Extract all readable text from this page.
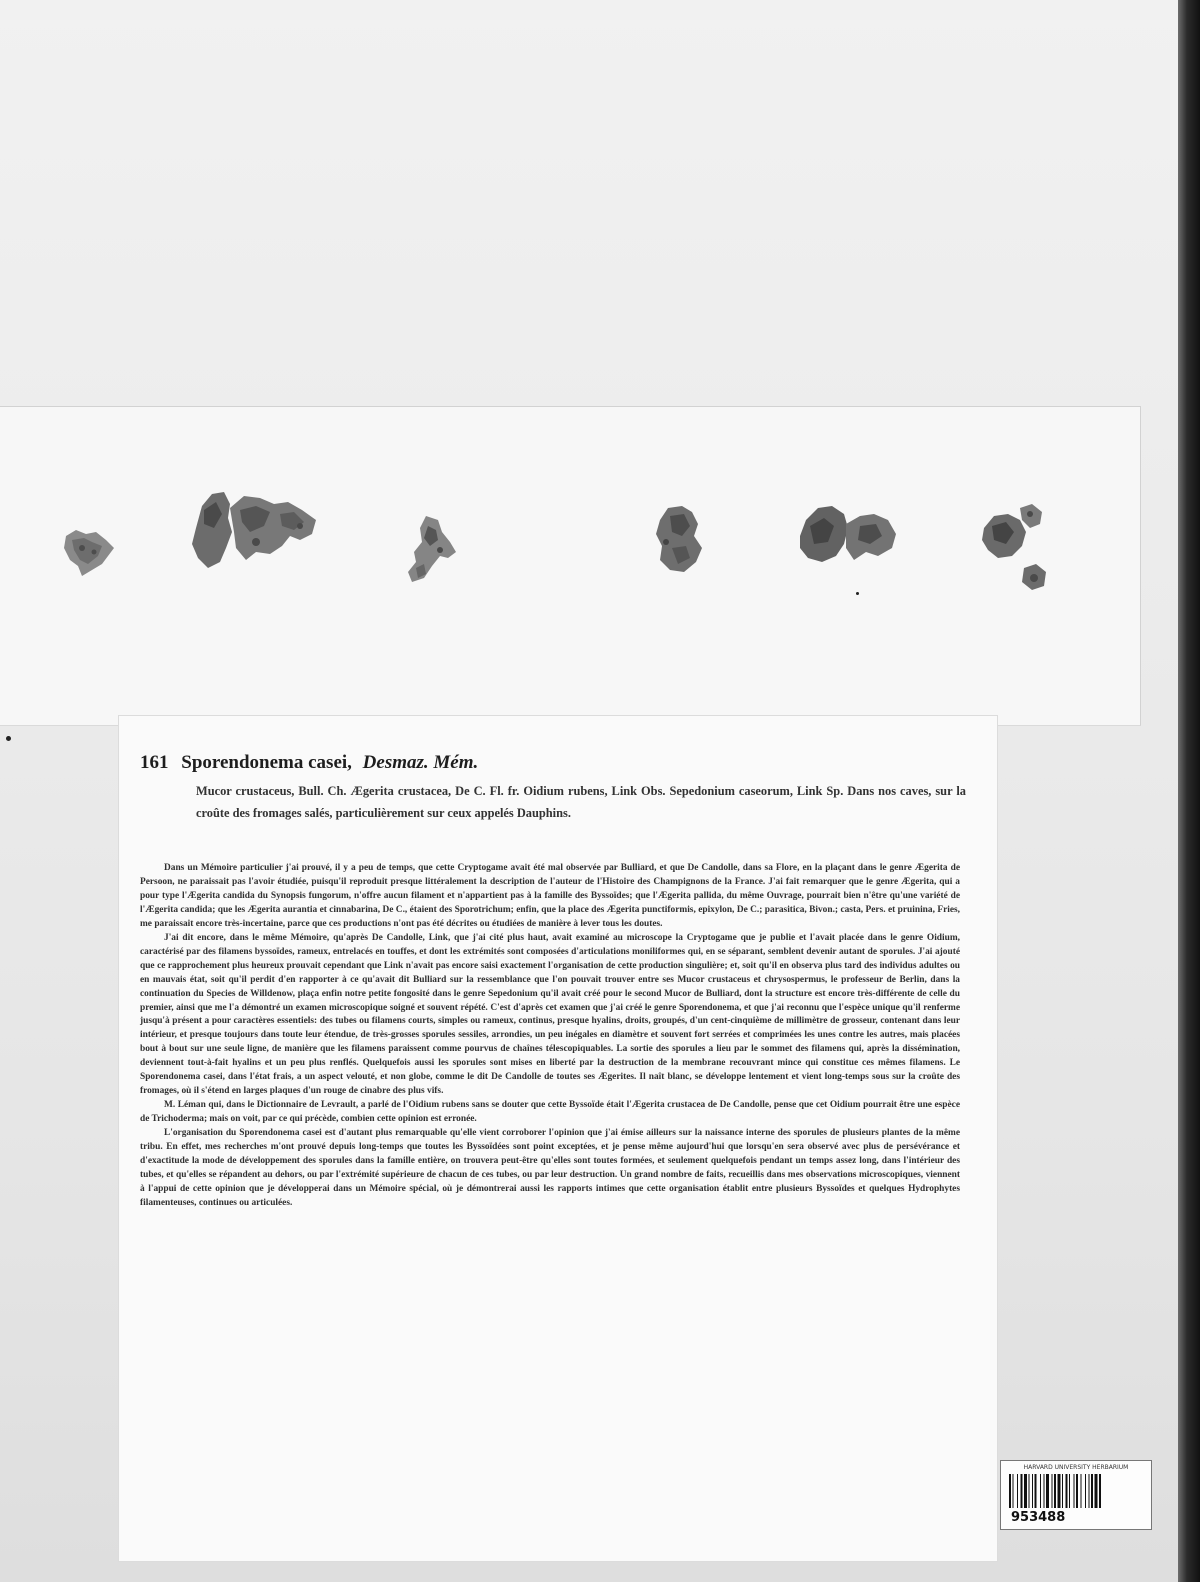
161 Sporendonema casei, Desmaz. Mém.
Mucor crustaceus, Bull. Ch. Ægerita crustacea, De C. Fl. fr. Oidium rubens, Link Obs. Sepedonium caseorum, Link Sp. Dans nos caves, sur la croûte des fromages salés, particulièrement sur ceux appelés Dauphins.

Dans un Mémoire particulier j'ai prouvé, il y a peu de temps, que cette Cryptogame avait été mal observée par Bulliard, et que De Candolle, dans sa Flore, en la plaçant dans le genre Ægerita de Persoon, ne paraissait pas l'avoir étudiée, puisqu'il reproduit presque littéralement la description de l'auteur de l'Histoire des Champignons de la France. J'ai fait remarquer que le genre Ægerita, qui a pour type l'Ægerita candida du Synopsis fungorum, n'offre aucun filament et n'appartient pas à la famille des Byssoïdes; que l'Ægerita pallida, du même Ouvrage, pourrait bien n'être qu'une variété de l'Ægerita candida; que les Ægerita aurantia et cinnabarina, De C., étaient des Sporotrichum; enfin, que la place des Ægerita punctiformis, epixylon, De C.; parasitica, Bivon.; casta, Pers. et pruinina, Fries, me paraissait encore très-incertaine, parce que ces productions n'ont pas été décrites ou étudiées de manière à lever tous les doutes.

J'ai dit encore, dans le même Mémoire, qu'après De Candolle, Link, que j'ai cité plus haut, avait examiné au microscope la Cryptogame que je publie et l'avait placée dans le genre Oidium, caractérisé par des filamens byssoïdes, rameux, entrelacés en touffes, et dont les extrémités sont composées d'articulations moniliformes qui, en se séparant, semblent devenir autant de sporules. J'ai ajouté que ce rapprochement plus heureux prouvait cependant que Link n'avait pas encore saisi exactement l'organisation de cette production singulière; et, soit qu'il en observa plus tard des individus adultes ou en mauvais état, soit qu'il perdit d'en rapporter à ce qu'avait dit Bulliard sur la ressemblance que l'on pouvait trouver entre ses Mucor crustaceus et chrysospermus, le professeur de Berlin, dans la continuation du Species de Willdenow, plaça enfin notre petite fongosité dans le genre Sepedonium qu'il avait créé pour le second Mucor de Bulliard, dont la structure est encore très-différente de celle du premier, ainsi que me l'a démontré un examen microscopique soigné et souvent répété. C'est d'après cet examen que j'ai créé le genre Sporendonema, et que j'ai reconnu que l'espèce unique qu'il renferme jusqu'à présent a pour caractères essentiels: des tubes ou filamens courts, simples ou rameux, continus, presque hyalins, droits, groupés, d'un cent-cinquième de millimètre de grosseur, contenant dans leur intérieur, et presque toujours dans toute leur étendue, de très-grosses sporules sessiles, arrondies, un peu inégales en diamètre et souvent fort serrées et comprimées les unes contre les autres, mais placées bout à bout sur une seule ligne, de manière que les filamens paraissent comme pourvus de chaînes télescopiquables. La sortie des sporules a lieu par le sommet des filamens qui, après la dissémination, deviennent tout-à-fait hyalins et un peu plus renflés. Quelquefois aussi les sporules sont mises en liberté par la destruction de la membrane recouvrant mince qui constitue ces mêmes filamens. Le Sporendonema casei, dans l'état frais, a un aspect velouté, et non globe, comme le dit De Candolle de toutes ses Ægerites. Il naît blanc, se développe lentement et vient long-temps sous sur la croûte des fromages, où il s'étend en larges plaques d'un rouge de cinabre des plus vifs.

M. Léman qui, dans le Dictionnaire de Levrault, a parlé de l'Oidium rubens sans se douter que cette Byssoïde était l'Ægerita crustacea de De Candolle, pense que cet Oidium pourrait être une espèce de Trichoderma; mais on voit, par ce qui précède, combien cette opinion est erronée.

L'organisation du Sporendonema casei est d'autant plus remarquable qu'elle vient corroborer l'opinion que j'ai émise ailleurs sur la naissance interne des sporules de plusieurs plantes de la même tribu. En effet, mes recherches m'ont prouvé depuis long-temps que toutes les Byssoïdées sont point exceptées, et je pense même aujourd'hui que lorsqu'en sera observé avec plus de persévérance et d'exactitude la mode de développement des sporules dans la famille entière, on trouvera peut-être qu'elles sont toutes formées, et seulement quelquefois pendant un temps assez long, dans l'intérieur des tubes, et qu'elles se répandent au dehors, ou par l'extrémité supérieure de chacun de ces tubes, ou par leur destruction. Un grand nombre de faits, recueillis dans mes observations microscopiques, viennent à l'appui de cette opinion que je développerai dans un Mémoire spécial, où je démontrerai aussi les rapports intimes que cette organisation établit entre plusieurs Byssoïdes et quelques Hydrophytes filamenteuses, continues ou articulées.

HARVARD UNIVERSITY HERBARIUM
953488
